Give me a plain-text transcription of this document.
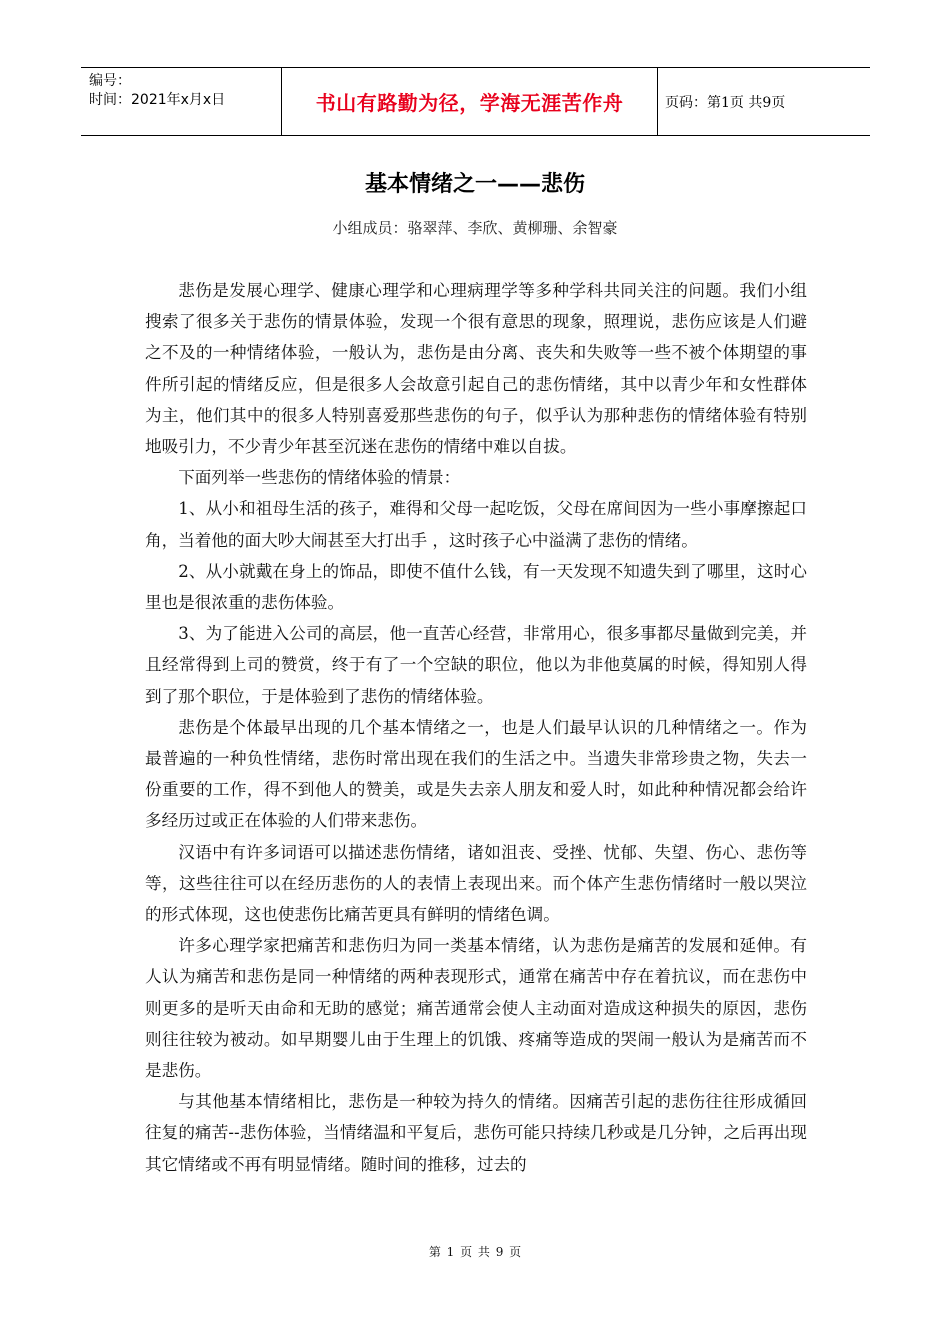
编号：
时间：2021年x月x日	书山有路勤为径，学海无涯苦作舟	页码：第1页 共9页
基本情绪之一——悲伤
小组成员：骆翠萍、李欣、黄柳珊、余智豪

悲伤是发展心理学、健康心理学和心理病理学等多种学科共同关注的问题。我们小组搜索了很多关于悲伤的情景体验，发现一个很有意思的现象，照理说，悲伤应该是人们避之不及的一种情绪体验，一般认为，悲伤是由分离、丧失和失败等一些不被个体期望的事件所引起的情绪反应，但是很多人会故意引起自己的悲伤情绪，其中以青少年和女性群体为主，他们其中的很多人特别喜爱那些悲伤的句子，似乎认为那种悲伤的情绪体验有特别地吸引力，不少青少年甚至沉迷在悲伤的情绪中难以自拔。

下面列举一些悲伤的情绪体验的情景：

1、从小和祖母生活的孩子，难得和父母一起吃饭，父母在席间因为一些小事摩擦起口角，当着他的面大吵大闹甚至大打出手 ，这时孩子心中溢满了悲伤的情绪。

2、从小就戴在身上的饰品，即使不值什么钱，有一天发现不知遗失到了哪里，这时心里也是很浓重的悲伤体验。

3、为了能进入公司的高层，他一直苦心经营，非常用心，很多事都尽量做到完美，并且经常得到上司的赞赏，终于有了一个空缺的职位，他以为非他莫属的时候，得知别人得到了那个职位，于是体验到了悲伤的情绪体验。

悲伤是个体最早出现的几个基本情绪之一，也是人们最早认识的几种情绪之一。作为最普遍的一种负性情绪，悲伤时常出现在我们的生活之中。当遗失非常珍贵之物，失去一份重要的工作，得不到他人的赞美，或是失去亲人朋友和爱人时，如此种种情况都会给许多经历过或正在体验的人们带来悲伤。

汉语中有许多词语可以描述悲伤情绪，诸如沮丧、受挫、忧郁、失望、伤心、悲伤等等，这些往往可以在经历悲伤的人的表情上表现出来。而个体产生悲伤情绪时一般以哭泣的形式体现，这也使悲伤比痛苦更具有鲜明的情绪色调。

许多心理学家把痛苦和悲伤归为同一类基本情绪，认为悲伤是痛苦的发展和延伸。有人认为痛苦和悲伤是同一种情绪的两种表现形式，通常在痛苦中存在着抗议，而在悲伤中则更多的是听天由命和无助的感觉；痛苦通常会使人主动面对造成这种损失的原因，悲伤则往往较为被动。如早期婴儿由于生理上的饥饿、疼痛等造成的哭闹一般认为是痛苦而不是悲伤。

与其他基本情绪相比，悲伤是一种较为持久的情绪。因痛苦引起的悲伤往往形成循回往复的痛苦--悲伤体验，当情绪温和平复后，悲伤可能只持续几秒或是几分钟，之后再出现其它情绪或不再有明显情绪。随时间的推移，过去的

第 1 页 共 9 页
